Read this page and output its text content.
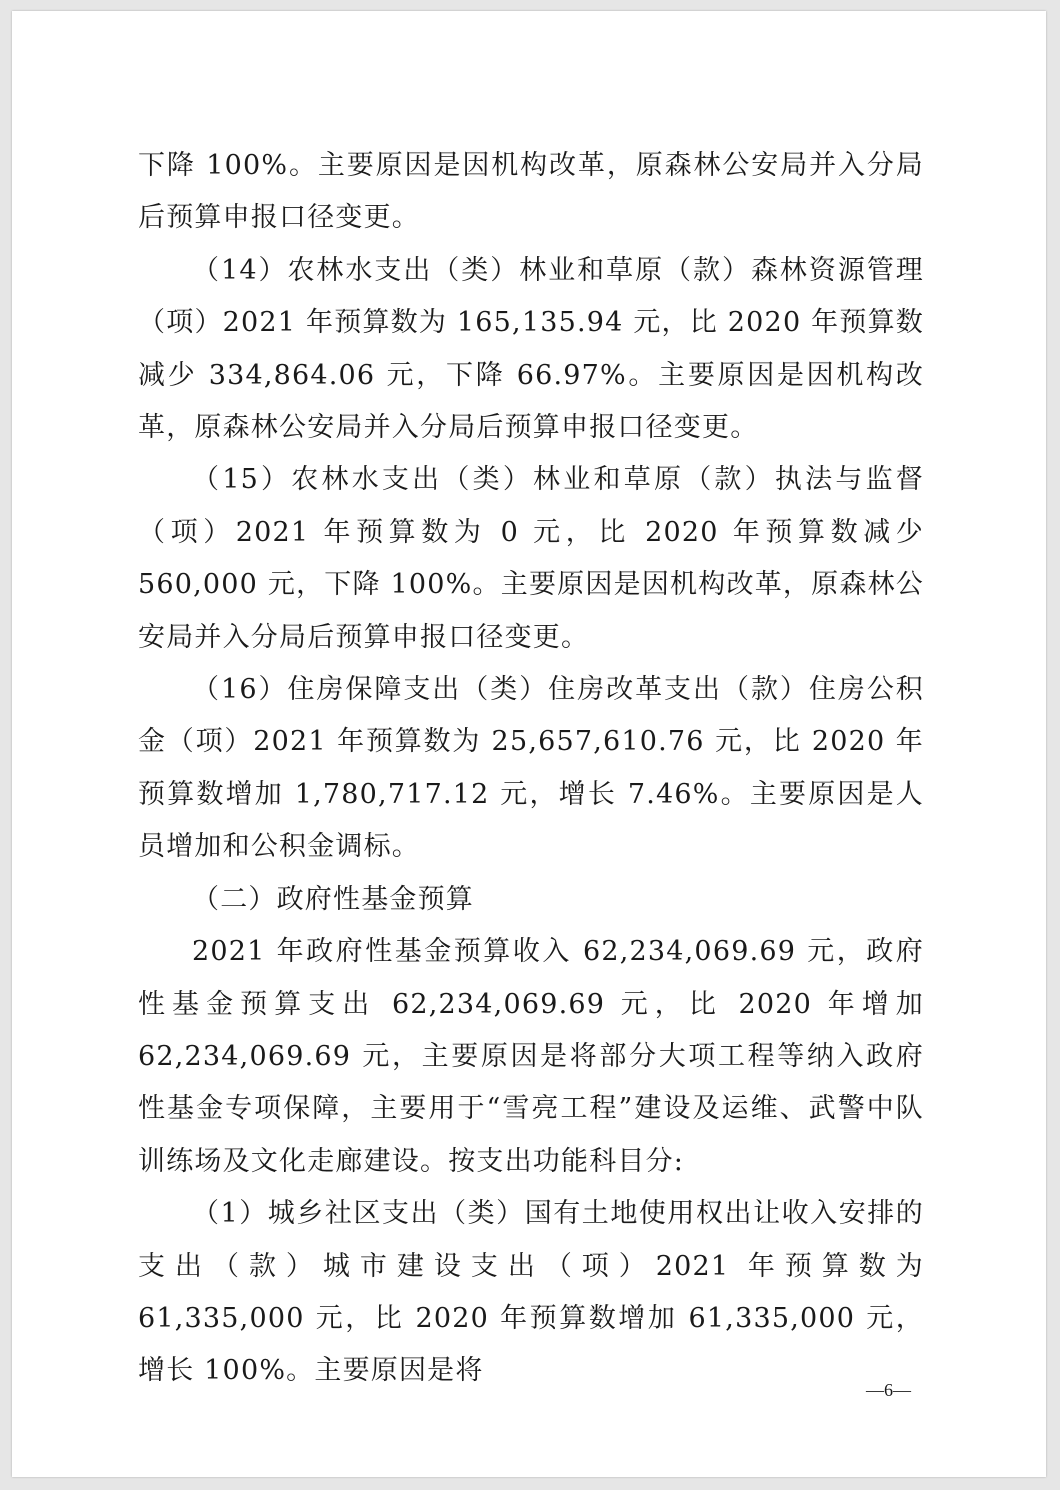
下降 100%。主要原因是因机构改革，原森林公安局并入分局后预算申报口径变更。

（14）农林水支出（类）林业和草原（款）森林资源管理（项）2021 年预算数为 165,135.94 元，比 2020 年预算数减少 334,864.06 元，下降 66.97%。主要原因是因机构改革，原森林公安局并入分局后预算申报口径变更。

（15）农林水支出（类）林业和草原（款）执法与监督（项）2021 年预算数为 0 元，比 2020 年预算数减少 560,000 元，下降 100%。主要原因是因机构改革，原森林公安局并入分局后预算申报口径变更。

（16）住房保障支出（类）住房改革支出（款）住房公积金（项）2021 年预算数为 25,657,610.76 元，比 2020 年预算数增加 1,780,717.12 元，增长 7.46%。主要原因是人员增加和公积金调标。

（二）政府性基金预算

2021 年政府性基金预算收入 62,234,069.69 元，政府性基金预算支出 62,234,069.69 元，比 2020 年增加 62,234,069.69 元，主要原因是将部分大项工程等纳入政府性基金专项保障，主要用于“雪亮工程”建设及运维、武警中队训练场及文化走廊建设。按支出功能科目分:

（1）城乡社区支出（类）国有土地使用权出让收入安排的支出（款）城市建设支出（项）2021 年预算数为 61,335,000 元，比 2020 年预算数增加 61,335,000 元，增长 100%。主要原因是将

—6—
